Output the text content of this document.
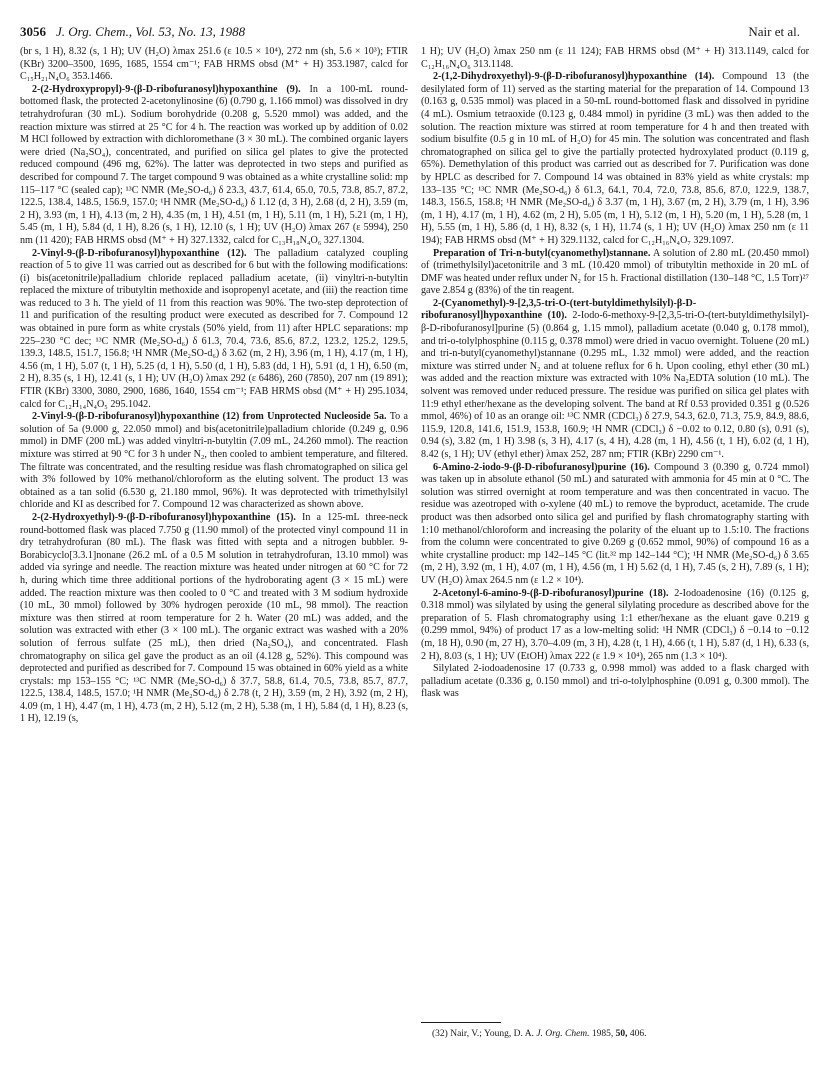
3056 J. Org. Chem., Vol. 53, No. 13, 1988	Nair et al.

(br s, 1 H), 8.32 (s, 1 H); UV (H₂O) λmax 251.6 (ε 10.5 × 10⁴), 272 nm (sh, 5.6 × 10³); FTIR (KBr) 3200–3500, 1695, 1685, 1554 cm⁻¹; FAB HRMS obsd (M⁺ + H) 353.1987, calcd for C₁₅H₂₁N₄O₆ 353.1466.

2-(2-Hydroxypropyl)-9-(β-D-ribofuranosyl)hypoxanthine (9). In a 100-mL round-bottomed flask, the protected 2-acetonylinosine (6) (0.790 g, 1.166 mmol) was dissolved in dry tetrahydrofuran (30 mL). Sodium borohydride (0.208 g, 5.520 mmol) was added, and the reaction mixture was stirred at 25 °C for 4 h. The reaction was worked up by addition of 0.02 M HCl followed by extraction with dichloromethane (3 × 30 mL). The combined organic layers were dried (Na₂SO₄), concentrated, and purified on silica gel plates to give the protected reduced compound (496 mg, 62%). The latter was deprotected in two steps and purified as described for compound 7. The target compound 9 was obtained as a white crystalline solid: mp 115–117 °C (sealed cap); ¹³C NMR (Me₂SO-d₆) δ 23.3, 43.7, 61.4, 65.0, 70.5, 73.8, 85.7, 87.2, 122.5, 138.4, 148.5, 156.9, 157.0; ¹H NMR (Me₂SO-d₆) δ 1.12 (d, 3 H), 2.68 (d, 2 H), 3.59 (m, 2 H), 3.93 (m, 1 H), 4.13 (m, 2 H), 4.35 (m, 1 H), 4.51 (m, 1 H), 5.11 (m, 1 H), 5.21 (m, 1 H), 5.45 (m, 1 H), 5.84 (d, 1 H), 8.26 (s, 1 H), 12.10 (s, 1 H); UV (H₂O) λmax 267 (ε 5994), 250 nm (11 420); FAB HRMS obsd (M⁺ + H) 327.1332, calcd for C₁₃H₁₈N₄O₆ 327.1304.

2-Vinyl-9-(β-D-ribofuranosyl)hypoxanthine (12). The palladium catalyzed coupling reaction of 5 to give 11 was carried out as described for 6 but with the following modifications: (i) bis(acetonitrile)palladium chloride replaced palladium acetate, (ii) vinyltri-n-butyltin replaced the mixture of tributyltin methoxide and isopropenyl acetate, and (iii) the reaction time was reduced to 3 h. The yield of 11 from this reaction was 90%. The two-step deprotection of 11 and purification of the resulting product were executed as described for 7. Compound 12 was obtained in pure form as white crystals (50% yield, from 11) after HPLC separations: mp 225–230 °C dec; ¹³C NMR (Me₂SO-d₆) δ 61.3, 70.4, 73.6, 85.6, 87.2, 123.2, 125.2, 129.5, 139.3, 148.5, 151.7, 156.8; ¹H NMR (Me₂SO-d₆) δ 3.62 (m, 2 H), 3.96 (m, 1 H), 4.17 (m, 1 H), 4.56 (m, 1 H), 5.07 (t, 1 H), 5.25 (d, 1 H), 5.50 (d, 1 H), 5.83 (dd, 1 H), 5.91 (d, 1 H), 6.50 (m, 2 H), 8.35 (s, 1 H), 12.41 (s, 1 H); UV (H₂O) λmax 292 (ε 6486), 260 (7850), 207 nm (19 891); FTIR (KBr) 3300, 3080, 2900, 1686, 1640, 1554 cm⁻¹; FAB HRMS obsd (M⁺ + H) 295.1034, calcd for C₁₂H₁₄N₄O₅ 295.1042.

2-Vinyl-9-(β-D-ribofuranosyl)hypoxanthine (12) from Unprotected Nucleoside 5a. To a solution of 5a (9.000 g, 22.050 mmol) and bis(acetonitrile)palladium chloride (0.249 g, 0.96 mmol) in DMF (200 mL) was added vinyltri-n-butyltin (7.09 mL, 24.260 mmol). The reaction mixture was stirred at 90 °C for 3 h under N₂, then cooled to ambient temperature, and filtered. The filtrate was concentrated, and the resulting residue was flash chromatographed on silica gel with 3% followed by 10% methanol/chloroform as the eluting solvent. The product 13 was obtained as a tan solid (6.530 g, 21.180 mmol, 96%). It was deprotected with trimethylsilyl chloride and KI as described for 7. Compound 12 was characterized as shown above.

2-(2-Hydroxyethyl)-9-(β-D-ribofuranosyl)hypoxanthine (15). In a 125-mL three-neck round-bottomed flask was placed 7.750 g (11.90 mmol) of the protected vinyl compound 11 in dry tetrahydrofuran (80 mL). The flask was fitted with septa and a nitrogen bubbler. 9-Borabicyclo[3.3.1]nonane (26.2 mL of a 0.5 M solution in tetrahydrofuran, 13.10 mmol) was added via syringe and needle. The reaction mixture was heated under nitrogen at 60 °C for 72 h, during which time three additional portions of the hydroborating agent (3 × 15 mL) were added. The reaction mixture was then cooled to 0 °C and treated with 3 M sodium hydroxide (10 mL, 30 mmol) followed by 30% hydrogen peroxide (10 mL, 98 mmol). The reaction mixture was then stirred at room temperature for 2 h. Water (20 mL) was added, and the solution was extracted with ether (3 × 100 mL). The organic extract was washed with a 20% solution of ferrous sulfate (25 mL), then dried (Na₂SO₄), and concentrated. Flash chromatography on silica gel gave the product as an oil (4.128 g, 52%). This compound was deprotected and purified as described for 7. Compound 15 was obtained in 60% yield as a white crystals: mp 153–155 °C; ¹³C NMR (Me₂SO-d₆) δ 37.7, 58.8, 61.4, 70.5, 73.8, 85.7, 87.7, 122.5, 138.4, 148.5, 157.0; ¹H NMR (Me₂SO-d₆) δ 2.78 (t, 2 H), 3.59 (m, 2 H), 3.92 (m, 2 H), 4.09 (m, 1 H), 4.47 (m, 1 H), 4.73 (m, 2 H), 5.12 (m, 2 H), 5.38 (m, 1 H), 5.84 (d, 1 H), 8.23 (s, 1 H), 12.19 (s,

1 H); UV (H₂O) λmax 250 nm (ε 11 124); FAB HRMS obsd (M⁺ + H) 313.1149, calcd for C₁₂H₁₆N₄O₆ 313.1148.

2-(1,2-Dihydroxyethyl)-9-(β-D-ribofuranosyl)hypoxanthine (14). Compound 13 (the desilylated form of 11) served as the starting material for the preparation of 14. Compound 13 (0.163 g, 0.535 mmol) was placed in a 50-mL round-bottomed flask and dissolved in pyridine (4 mL). Osmium tetraoxide (0.123 g, 0.484 mmol) in pyridine (3 mL) was then added to the solution. The reaction mixture was stirred at room temperature for 4 h and then treated with sodium bisulfite (0.5 g in 10 mL of H₂O) for 45 min. The solution was concentrated and flash chromatographed on silica gel to give the partially protected hydroxylated product (0.119 g, 65%). Demethylation of this product was carried out as described for 7. Purification was done by HPLC as described for 7. Compound 14 was obtained in 83% yield as white crystals: mp 133–135 °C; ¹³C NMR (Me₂SO-d₆) δ 61.3, 64.1, 70.4, 72.0, 73.8, 85.6, 87.0, 122.9, 138.7, 148.3, 156.5, 158.8; ¹H NMR (Me₂SO-d₆) δ 3.37 (m, 1 H), 3.67 (m, 2 H), 3.79 (m, 1 H), 3.96 (m, 1 H), 4.17 (m, 1 H), 4.62 (m, 2 H), 5.05 (m, 1 H), 5.12 (m, 1 H), 5.20 (m, 1 H), 5.28 (m, 1 H), 5.55 (m, 1 H), 5.86 (d, 1 H), 8.32 (s, 1 H), 11.74 (s, 1 H); UV (H₂O) λmax 250 nm (ε 11 194); FAB HRMS obsd (M⁺ + H) 329.1132, calcd for C₁₂H₁₆N₄O₇ 329.1097.

Preparation of Tri-n-butyl(cyanomethyl)stannane. A solution of 2.80 mL (20.450 mmol) of (trimethylsilyl)acetonitrile and 3 mL (10.420 mmol) of tributyltin methoxide in 20 mL of DMF was heated under reflux under N₂ for 15 h. Fractional distillation (130–148 °C, 1.5 Torr)²⁷ gave 2.854 g (83%) of the tin reagent.

2-(Cyanomethyl)-9-[2,3,5-tri-O-(tert-butyldimethylsilyl)-β-D-ribofuranosyl]hypoxanthine (10). 2-Iodo-6-methoxy-9-[2,3,5-tri-O-(tert-butyldimethylsilyl)-β-D-ribofuranosyl]purine (5) (0.864 g, 1.15 mmol), palladium acetate (0.040 g, 0.178 mmol), and tri-o-tolylphosphine (0.115 g, 0.378 mmol) were dried in vacuo overnight. Toluene (20 mL) and tri-n-butyl(cyanomethyl)stannane (0.295 mL, 1.32 mmol) were added, and the reaction mixture was stirred under N₂ and at toluene reflux for 6 h. Upon cooling, ethyl ether (30 mL) was added and the reaction mixture was extracted with 10% Na₂EDTA solution (10 mL). The solvent was removed under reduced pressure. The residue was purified on silica gel plates with 11:9 ethyl ether/hexane as the developing solvent. The band at Rf 0.53 provided 0.351 g (0.526 mmol, 46%) of 10 as an orange oil: ¹³C NMR (CDCl₃) δ 27.9, 54.3, 62.0, 71.3, 75.9, 84.9, 88.6, 115.9, 120.8, 141.6, 151.9, 153.8, 160.9; ¹H NMR (CDCl₃) δ −0.02 to 0.12, 0.80 (s), 0.91 (s), 0.94 (s), 3.82 (m, 1 H) 3.98 (s, 3 H), 4.17 (s, 4 H), 4.28 (m, 1 H), 4.56 (t, 1 H), 6.02 (d, 1 H), 8.42 (s, 1 H); UV (ethyl ether) λmax 252, 287 nm; FTIR (KBr) 2290 cm⁻¹.

6-Amino-2-iodo-9-(β-D-ribofuranosyl)purine (16). Compound 3 (0.390 g, 0.724 mmol) was taken up in absolute ethanol (50 mL) and saturated with ammonia for 45 min at 0 °C. The solution was stirred overnight at room temperature and was then concentrated in vacuo. The residue was azeotroped with o-xylene (40 mL) to remove the byproduct, acetamide. The crude product was then adsorbed onto silica gel and purified by flash chromatography starting with 1:10 methanol/chloroform and increasing the polarity of the eluant up to 1.5:10. The fractions from the column were concentrated to give 0.269 g (0.652 mmol, 90%) of compound 16 as a white crystalline product: mp 142–145 °C (lit.³² mp 142–144 °C); ¹H NMR (Me₂SO-d₆) δ 3.65 (m, 2 H), 3.92 (m, 1 H), 4.07 (m, 1 H), 4.56 (m, 1 H) 5.62 (d, 1 H), 7.45 (s, 2 H), 7.89 (s, 1 H); UV (H₂O) λmax 264.5 nm (ε 1.2 × 10⁴).

2-Acetonyl-6-amino-9-(β-D-ribofuranosyl)purine (18). 2-Iodoadenosine (16) (0.125 g, 0.318 mmol) was silylated by using the general silylating procedure as described above for the preparation of 5. Flash chromatography using 1:1 ether/hexane as the eluant gave 0.219 g (0.299 mmol, 94%) of product 17 as a low-melting solid: ¹H NMR (CDCl₃) δ −0.14 to −0.12 (m, 18 H), 0.90 (m, 27 H), 3.70–4.09 (m, 3 H), 4.28 (t, 1 H), 4.66 (t, 1 H), 5.87 (d, 1 H), 6.33 (s, 2 H), 8.03 (s, 1 H); UV (EtOH) λmax 222 (ε 1.9 × 10⁴), 265 nm (1.3 × 10⁴).

Silylated 2-iodoadenosine 17 (0.733 g, 0.998 mmol) was added to a flask charged with palladium acetate (0.336 g, 0.150 mmol) and tri-o-tolylphosphine (0.091 g, 0.300 mmol). The flask was

(32) Nair, V.; Young, D. A. J. Org. Chem. 1985, 50, 406.
